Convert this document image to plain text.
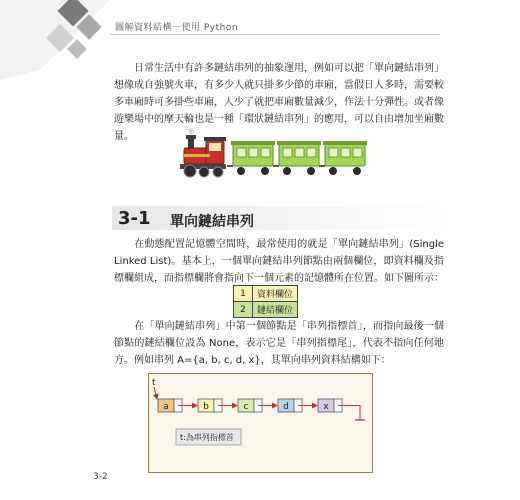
圖解資料結構－使用 Python

日常生活中有許多鏈結串列的抽象運用，例如可以把「單向鏈結串列」想像成自強號火車，有多少人就只掛多少節的車廂，當假日人多時，需要較多車廂時可多掛些車廂，人少了就把車廂數量減少，作法十分彈性。或者像遊樂場中的摩天輪也是一種「環狀鏈結串列」的應用，可以自由增加坐廂數量。

3-1 單向鏈結串列

在動態配置記憶體空間時，最常使用的就是「單向鏈結串列」(Single Linked List)。基本上，一個單向鏈結串列節點由兩個欄位，即資料欄及指標欄組成，而指標欄將會指向下一個元素的記憶體所在位置。如下圖所示：

1	資料欄位
2	鏈結欄位

在「單向鏈結串列」中第一個節點是「串列指標首」，而指向最後一個節點的鏈結欄位設為 None，表示它是「串列指標尾」，代表不指向任何地方。例如串列 A={a, b, c, d, x}，其單向串列資料結構如下：

t
a	b	c	d	x
t:為串列指標首
3-2
